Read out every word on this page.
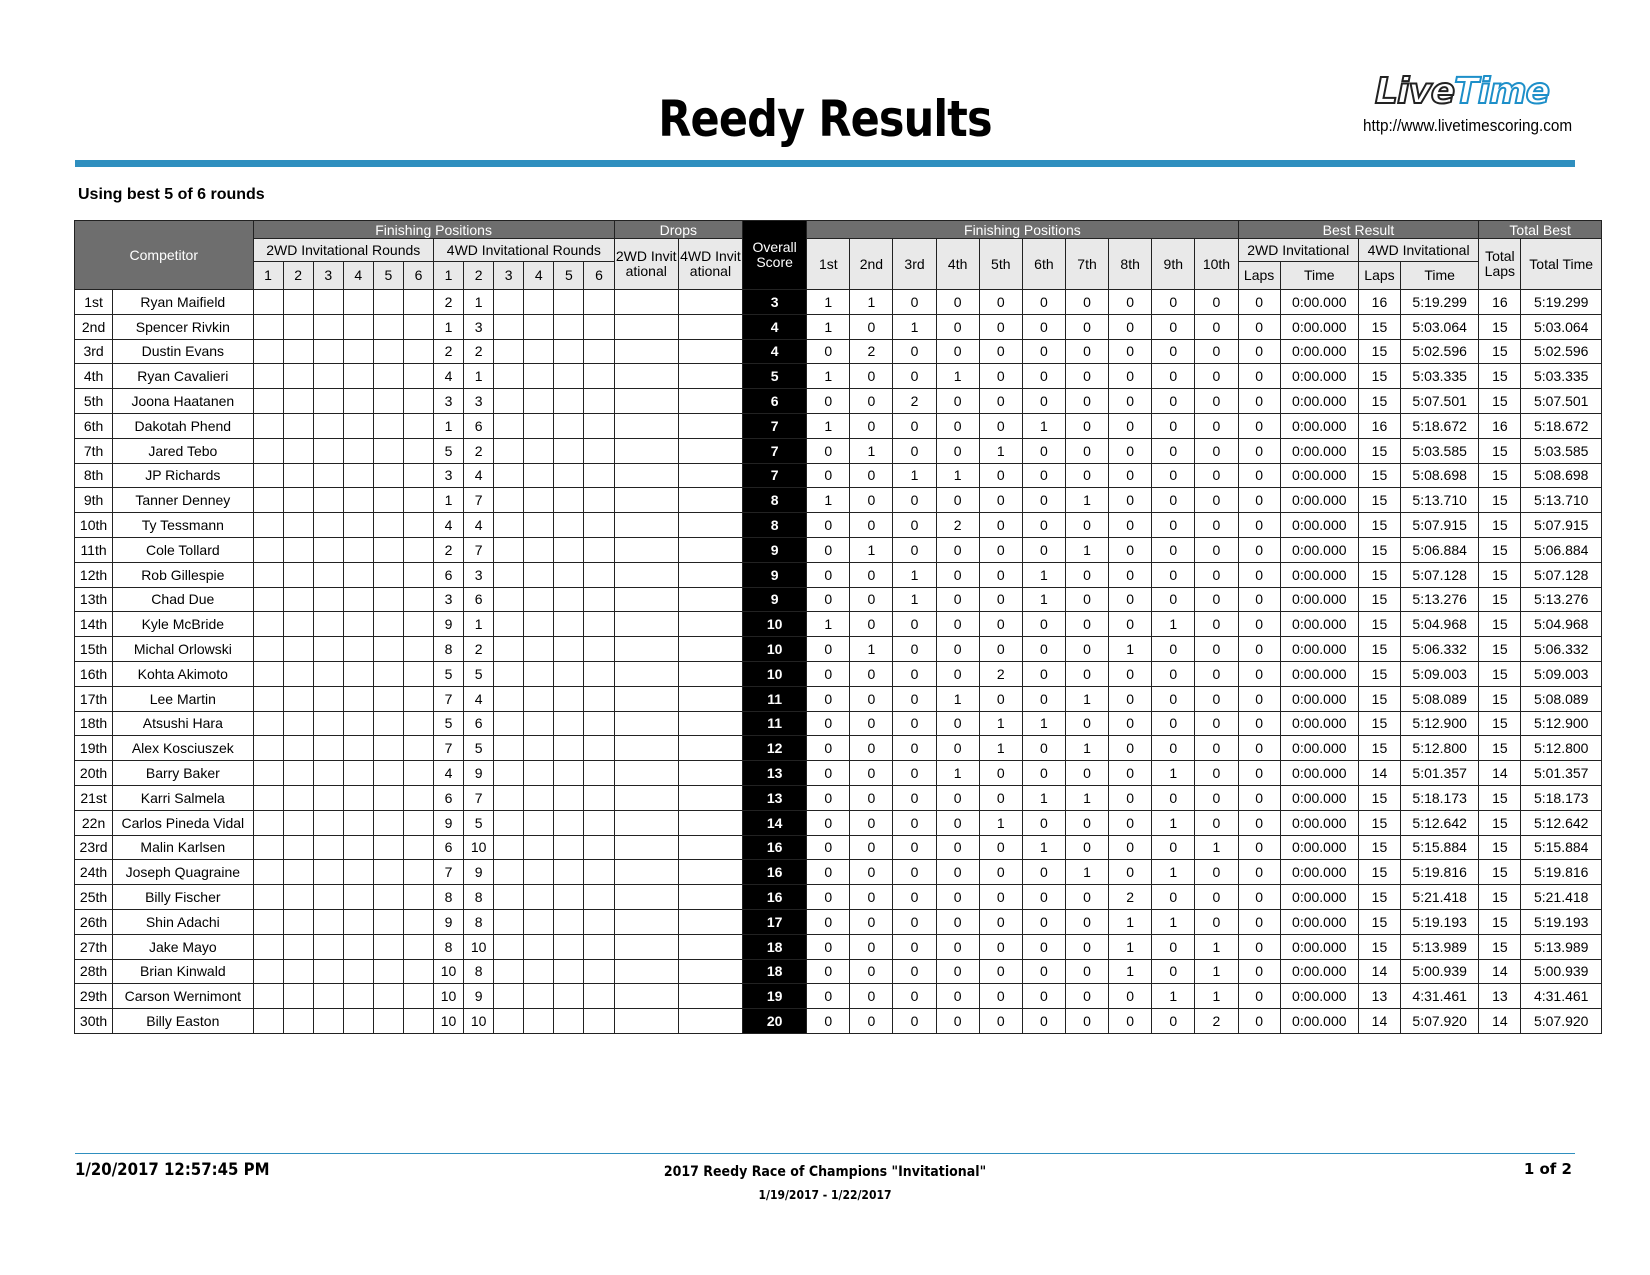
Reedy Results	LiveTime
http://www.livetimescoring.com
Using best 5 of 6 rounds
Competitor		Finishing Positions												Drops		Overall Score	Finishing Positions										Best Result				Total Best	
		2WD Invitational Rounds						4WD Invitational Rounds						2WD Invitational	4WD Invitational		1st	2nd	3rd	4th	5th	6th	7th	8th	9th	10th	2WD Invitational		4WD Invitational		Total Laps	Total Time
		1	2	3	4	5	6	1	2	3	4	5	6														Laps	Time	Laps	Time		
1st	Ryan Maifield							2	1							3	1	1	0	0	0	0	0	0	0	0	0	0:00.000	16	5:19.299	16	5:19.299
2nd	Spencer Rivkin							1	3							4	1	0	1	0	0	0	0	0	0	0	0	0:00.000	15	5:03.064	15	5:03.064
3rd	Dustin Evans							2	2							4	0	2	0	0	0	0	0	0	0	0	0	0:00.000	15	5:02.596	15	5:02.596
4th	Ryan Cavalieri							4	1							5	1	0	0	1	0	0	0	0	0	0	0	0:00.000	15	5:03.335	15	5:03.335
5th	Joona Haatanen							3	3							6	0	0	2	0	0	0	0	0	0	0	0	0:00.000	15	5:07.501	15	5:07.501
6th	Dakotah Phend							1	6							7	1	0	0	0	0	1	0	0	0	0	0	0:00.000	16	5:18.672	16	5:18.672
7th	Jared Tebo							5	2							7	0	1	0	0	1	0	0	0	0	0	0	0:00.000	15	5:03.585	15	5:03.585
8th	JP Richards							3	4							7	0	0	1	1	0	0	0	0	0	0	0	0:00.000	15	5:08.698	15	5:08.698
9th	Tanner Denney							1	7							8	1	0	0	0	0	0	1	0	0	0	0	0:00.000	15	5:13.710	15	5:13.710
10th	Ty Tessmann							4	4							8	0	0	0	2	0	0	0	0	0	0	0	0:00.000	15	5:07.915	15	5:07.915
11th	Cole Tollard							2	7							9	0	1	0	0	0	0	1	0	0	0	0	0:00.000	15	5:06.884	15	5:06.884
12th	Rob Gillespie							6	3							9	0	0	1	0	0	1	0	0	0	0	0	0:00.000	15	5:07.128	15	5:07.128
13th	Chad Due							3	6							9	0	0	1	0	0	1	0	0	0	0	0	0:00.000	15	5:13.276	15	5:13.276
14th	Kyle McBride							9	1							10	1	0	0	0	0	0	0	0	1	0	0	0:00.000	15	5:04.968	15	5:04.968
15th	Michal Orlowski							8	2							10	0	1	0	0	0	0	0	1	0	0	0	0:00.000	15	5:06.332	15	5:06.332
16th	Kohta Akimoto							5	5							10	0	0	0	0	2	0	0	0	0	0	0	0:00.000	15	5:09.003	15	5:09.003
17th	Lee Martin							7	4							11	0	0	0	1	0	0	1	0	0	0	0	0:00.000	15	5:08.089	15	5:08.089
18th	Atsushi Hara							5	6							11	0	0	0	0	1	1	0	0	0	0	0	0:00.000	15	5:12.900	15	5:12.900
19th	Alex Kosciuszek							7	5							12	0	0	0	0	1	0	1	0	0	0	0	0:00.000	15	5:12.800	15	5:12.800
20th	Barry Baker							4	9							13	0	0	0	1	0	0	0	0	1	0	0	0:00.000	14	5:01.357	14	5:01.357
21st	Karri Salmela							6	7							13	0	0	0	0	0	1	1	0	0	0	0	0:00.000	15	5:18.173	15	5:18.173
22n	Carlos Pineda Vidal							9	5							14	0	0	0	0	1	0	0	0	1	0	0	0:00.000	15	5:12.642	15	5:12.642
23rd	Malin Karlsen							6	10							16	0	0	0	0	0	1	0	0	0	1	0	0:00.000	15	5:15.884	15	5:15.884
24th	Joseph Quagraine							7	9							16	0	0	0	0	0	0	1	0	1	0	0	0:00.000	15	5:19.816	15	5:19.816
25th	Billy Fischer							8	8							16	0	0	0	0	0	0	0	2	0	0	0	0:00.000	15	5:21.418	15	5:21.418
26th	Shin Adachi							9	8							17	0	0	0	0	0	0	0	1	1	0	0	0:00.000	15	5:19.193	15	5:19.193
27th	Jake Mayo							8	10							18	0	0	0	0	0	0	0	1	0	1	0	0:00.000	15	5:13.989	15	5:13.989
28th	Brian Kinwald							10	8							18	0	0	0	0	0	0	0	1	0	1	0	0:00.000	14	5:00.939	14	5:00.939
29th	Carson Wernimont							10	9							19	0	0	0	0	0	0	0	0	1	1	0	0:00.000	13	4:31.461	13	4:31.461
30th	Billy Easton							10	10							20	0	0	0	0	0	0	0	0	0	2	0	0:00.000	14	5:07.920	14	5:07.920
1/20/2017 12:57:45 PM	2017 Reedy Race of Champions "Invitational"
1/19/2017 - 1/22/2017
1 of 2
